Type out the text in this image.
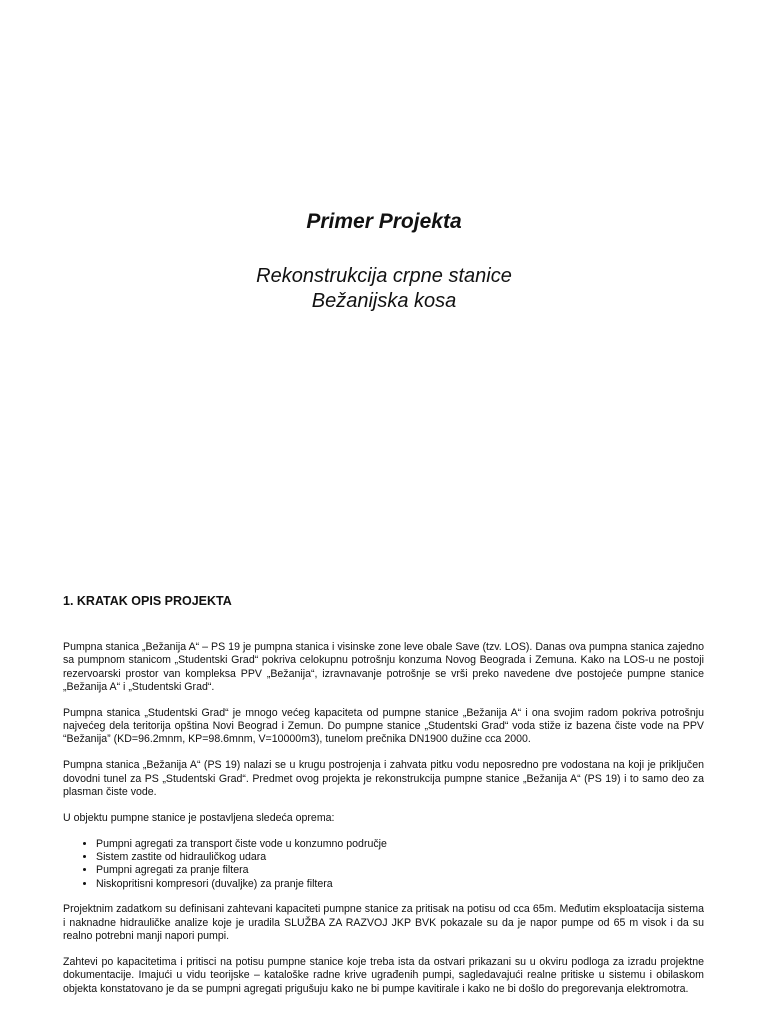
Primer Projekta
Rekonstrukcija crpne stanice
Bežanijska kosa
1. KRATAK OPIS PROJEKTA

Pumpna stanica „Bežanija A“ – PS 19 je pumpna stanica i visinske zone leve obale Save (tzv. LOS). Danas ova pumpna stanica zajedno sa pumpnom stanicom „Studentski Grad“ pokriva celokupnu potrošnju konzuma Novog Beograda i Zemuna. Kako na LOS-u ne postoji rezervoarski prostor van kompleksa PPV „Bežanija“, izravnavanje potrošnje se vrši preko navedene dve postojeće pumpne stanice „Bežanija A“ i „Studentski Grad“.

Pumpna stanica „Studentski Grad“ je mnogo većeg kapaciteta od pumpne stanice „Bežanija A“ i ona svojim radom pokriva potrošnju najvećeg dela teritorija opština Novi Beograd i Zemun. Do pumpne stanice „Studentski Grad“ voda stiže iz bazena čiste vode na PPV “Bežanija” (KD=96.2mnm, KP=98.6mnm, V=10000m3), tunelom prečnika DN1900 dužine cca 2000.

Pumpna stanica „Bežanija A“ (PS 19) nalazi se u krugu postrojenja i zahvata pitku vodu neposredno pre vodostana na koji je priključen dovodni tunel za PS „Studentski Grad“. Predmet ovog projekta je rekonstrukcija pumpne stanice „Bežanija A“ (PS 19) i to samo deo za plasman čiste vode.

U objektu pumpne stanice je postavljena sledeća oprema:

• Pumpni agregati za transport čiste vode u konzumno područje
• Sistem zastite od hidrauličkog udara
• Pumpni agregati za pranje filtera
• Niskopritisni kompresori (duvaljke) za pranje filtera

Projektnim zadatkom su definisani zahtevani kapaciteti pumpne stanice za pritisak na potisu od cca 65m. Međutim eksploatacija sistema i naknadne hidrauličke analize koje je uradila SLUŽBA ZA RAZVOJ JKP BVK pokazale su da je napor pumpe od 65 m visok i da su realno potrebni manji napori pumpi.

Zahtevi po kapacitetima i pritisci na potisu pumpne stanice koje treba ista da ostvari prikazani su u okviru podloga za izradu projektne dokumentacije. Imajući u vidu teorijske – kataloške radne krive ugrađenih pumpi, sagledavajući realne pritiske u sistemu i obilaskom objekta konstatovano je da se pumpni agregati prigušuju kako ne bi pumpe kavitirale i kako ne bi došlo do pregorevanja elektromotra.
